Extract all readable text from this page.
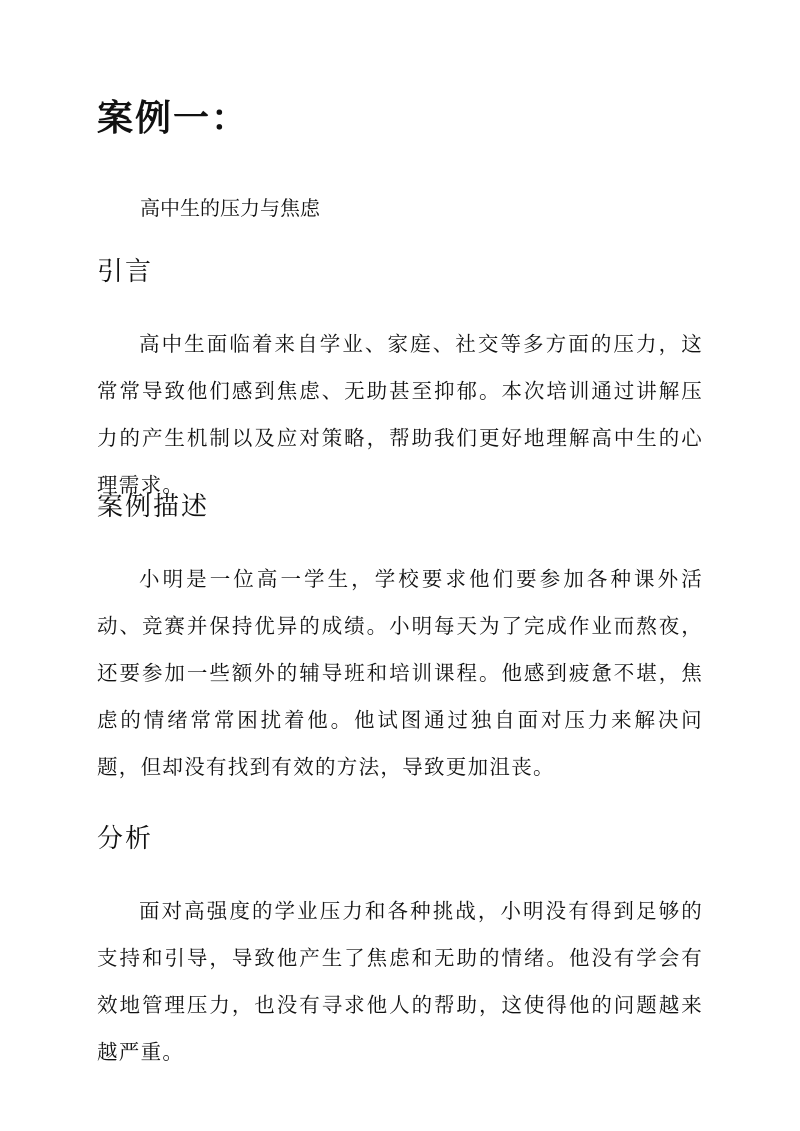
案例一：

高中生的压力与焦虑

引言

高中生面临着来自学业、家庭、社交等多方面的压力，这常常导致他们感到焦虑、无助甚至抑郁。本次培训通过讲解压力的产生机制以及应对策略，帮助我们更好地理解高中生的心理需求。

案例描述

小明是一位高一学生，学校要求他们要参加各种课外活动、竞赛并保持优异的成绩。小明每天为了完成作业而熬夜，还要参加一些额外的辅导班和培训课程。他感到疲惫不堪，焦虑的情绪常常困扰着他。他试图通过独自面对压力来解决问题，但却没有找到有效的方法，导致更加沮丧。

分析

面对高强度的学业压力和各种挑战，小明没有得到足够的支持和引导，导致他产生了焦虑和无助的情绪。他没有学会有效地管理压力，也没有寻求他人的帮助，这使得他的问题越来越严重。
